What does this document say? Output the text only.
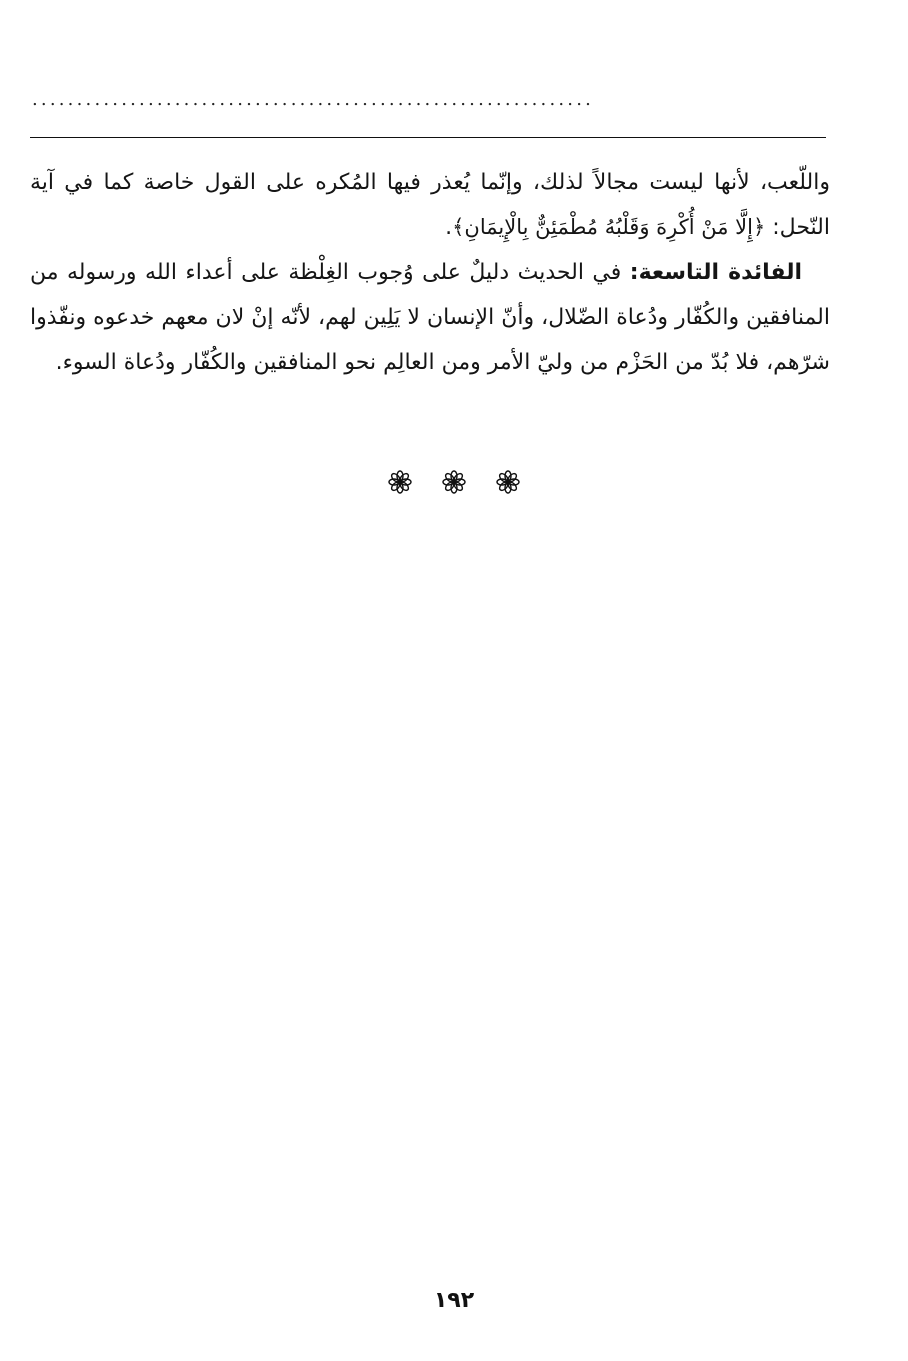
...............................................................

واللّعب، لأنها ليست مجالاً لذلك، وإنّما يُعذر فيها المُكره على القول خاصة كما في آية النّحل: ﴿إِلَّا مَنْ أُكْرِهَ وَقَلْبُهُ مُطْمَئِنٌّ بِالْإِيمَانِ﴾.

الفائدة التاسعة: في الحديث دليلٌ على وُجوب الغِلْظة على أعداء الله ورسوله من المنافقين والكُفّار ودُعاة الضّلال، وأنّ الإنسان لا يَلِين لهم، لأنّه إنْ لان معهم خدعوه ونفّذوا شرّهم، فلا بُدّ من الحَزْم من وليّ الأمر ومن العالِم نحو المنافقين والكُفّار ودُعاة السوء.

١٩٢
